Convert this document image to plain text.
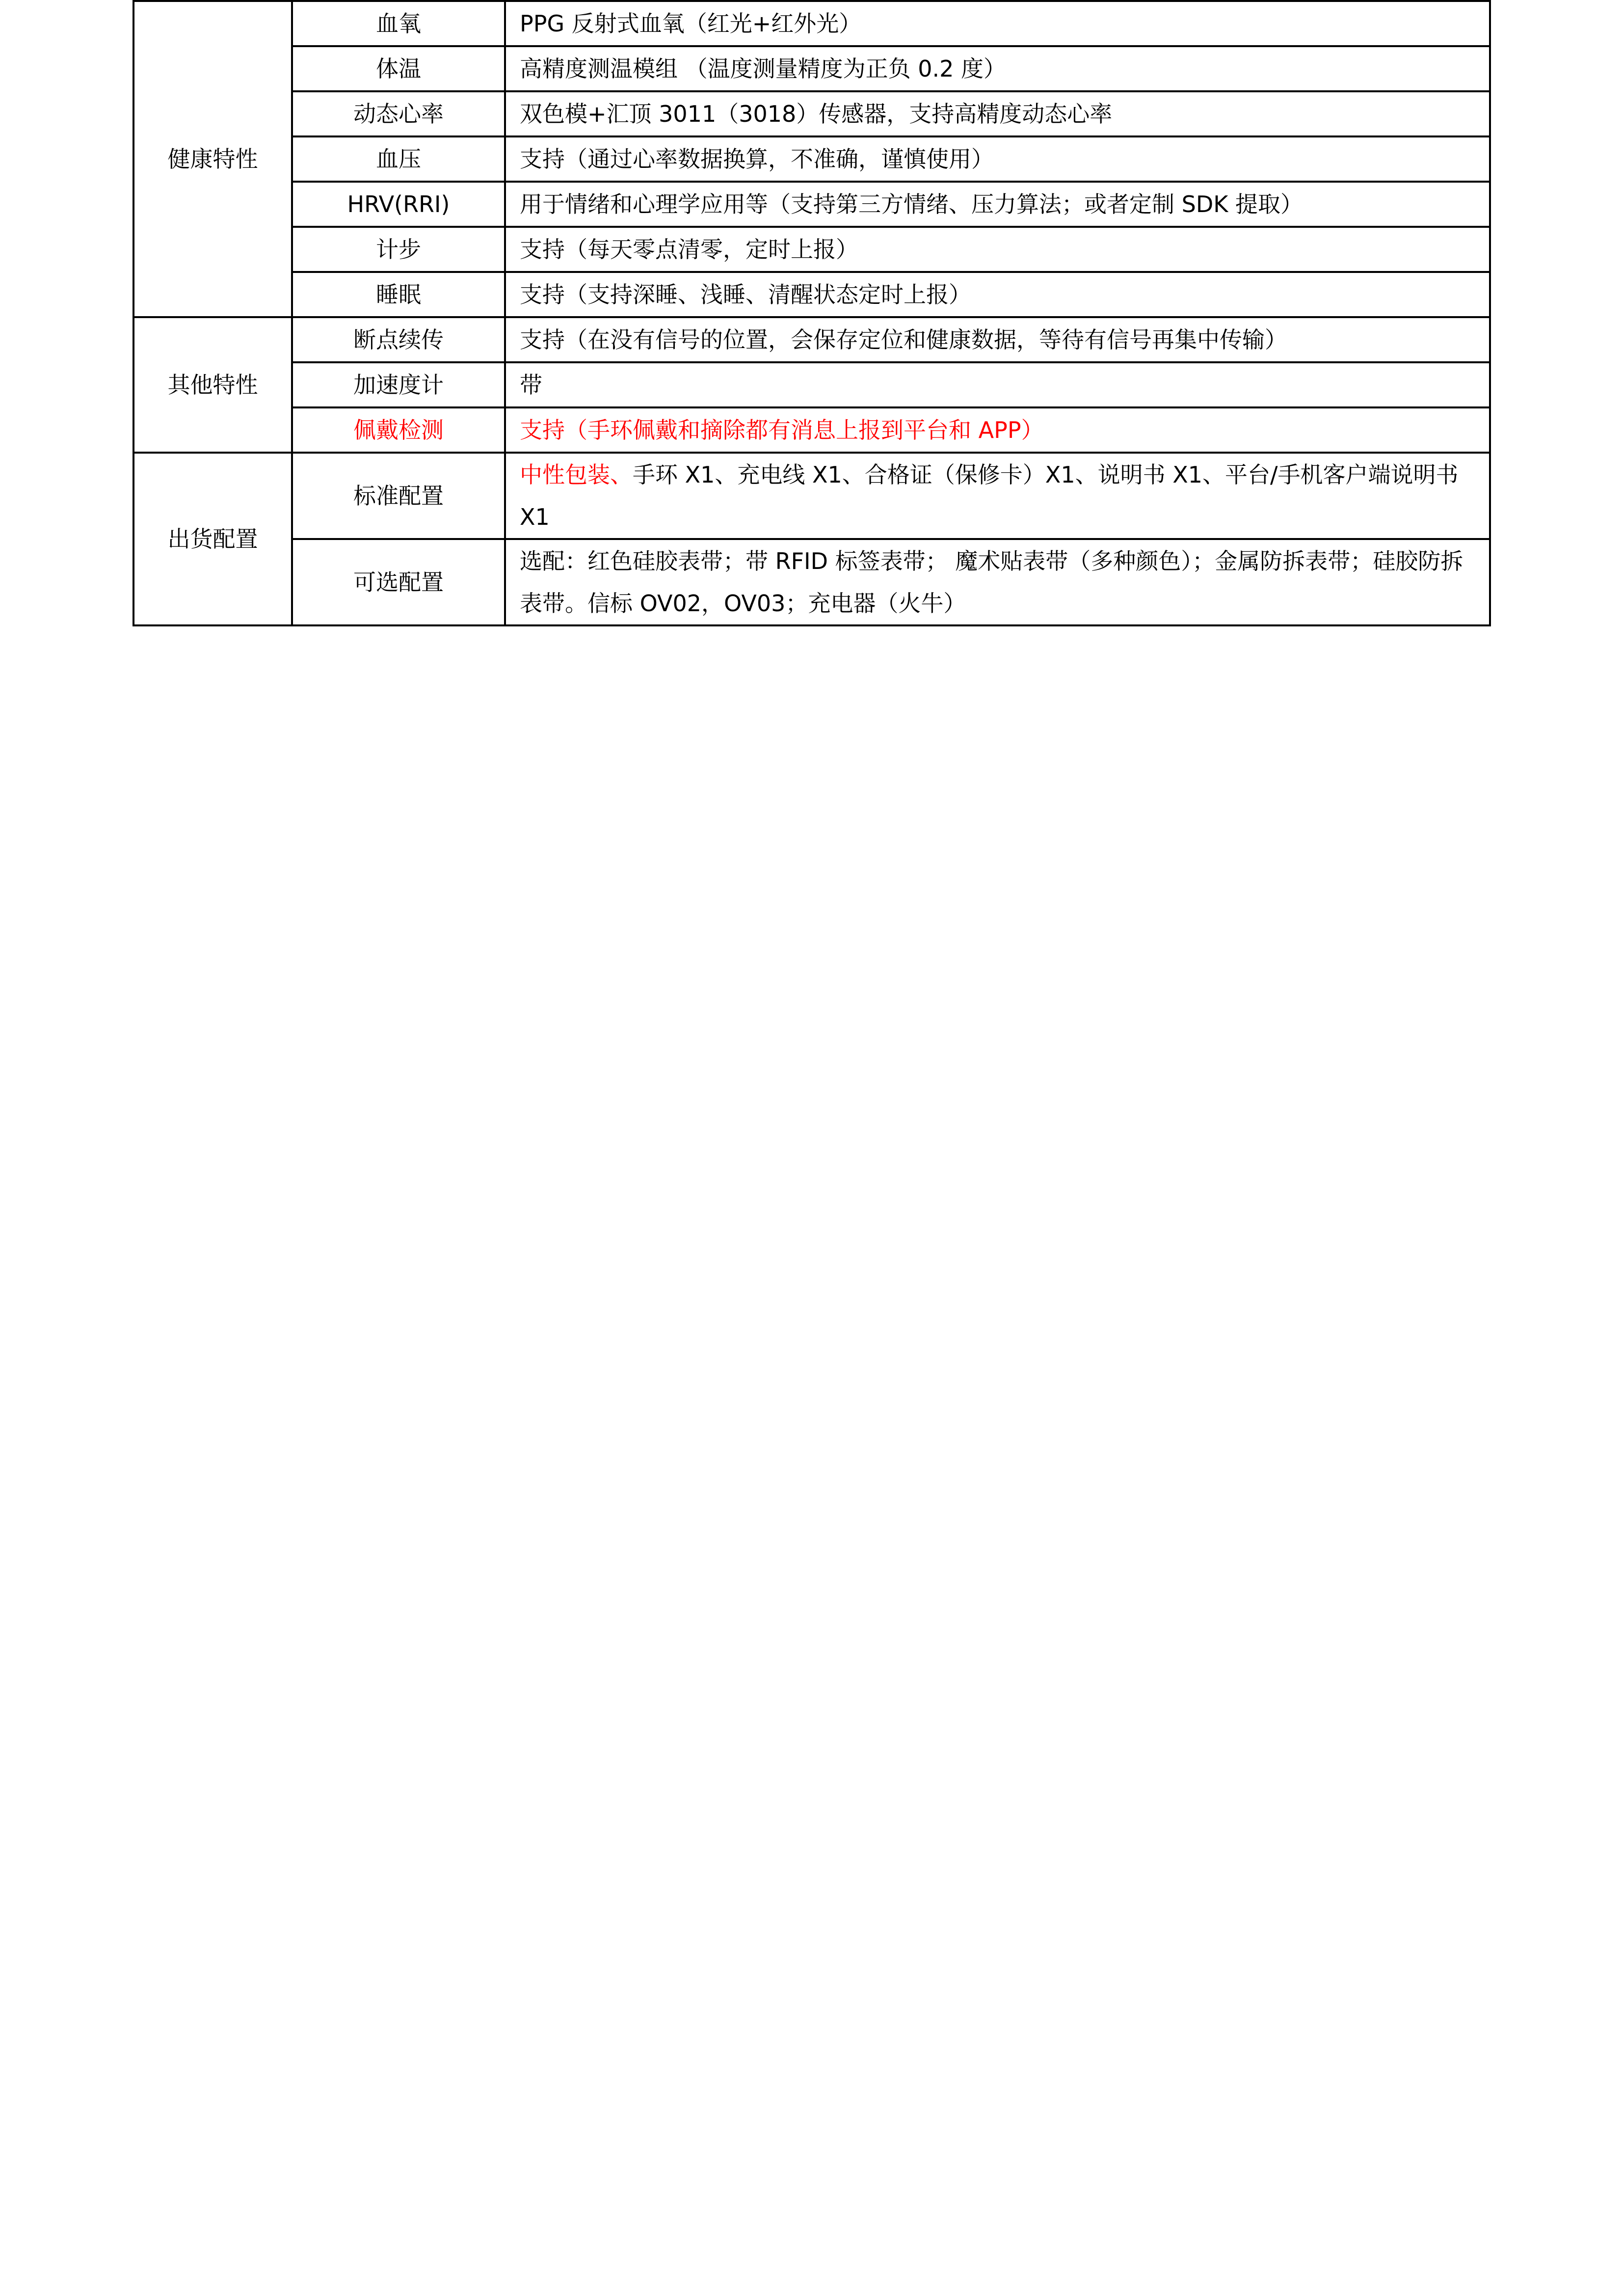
健康特性	血氧	PPG 反射式血氧（红光+红外光）
	体温	高精度测温模组 （温度测量精度为正负 0.2 度）
	动态心率	双色模+汇顶 3011（3018）传感器，支持高精度动态心率
	血压	支持（通过心率数据换算，不准确，谨慎使用）
	HRV(RRI)	用于情绪和心理学应用等（支持第三方情绪、压力算法；或者定制 SDK 提取）
	计步	支持（每天零点清零，定时上报）
	睡眠	支持（支持深睡、浅睡、清醒状态定时上报）
其他特性	断点续传	支持（在没有信号的位置，会保存定位和健康数据，等待有信号再集中传输）
	加速度计	带
	佩戴检测	支持（手环佩戴和摘除都有消息上报到平台和 APP）
出货配置	标准配置	中性包装、手环 X1、充电线 X1、合格证（保修卡）X1、说明书 X1、平台/手机客户端说明书 X1
	可选配置	选配：红色硅胶表带；带 RFID 标签表带； 魔术贴表带（多种颜色）；金属防拆表带；硅胶防拆表带。信标 OV02，OV03；充电器（火牛）
